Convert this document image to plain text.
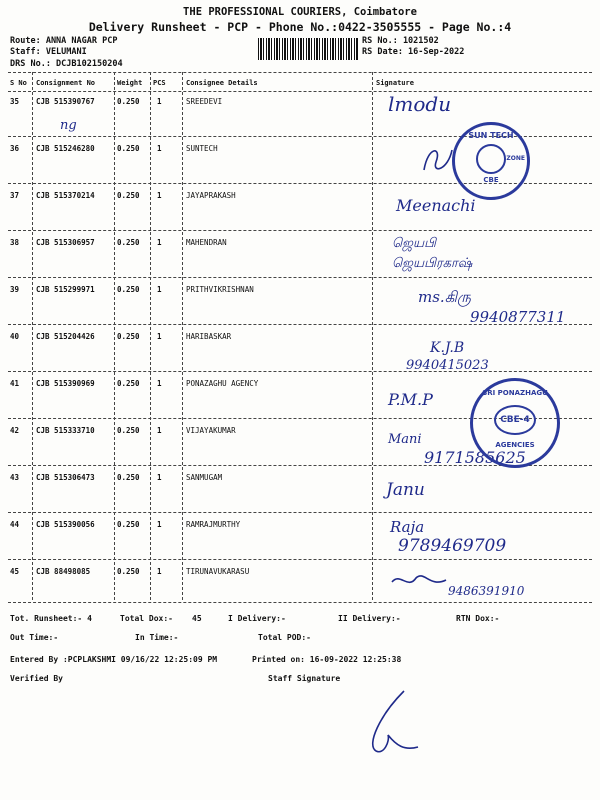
THE PROFESSIONAL COURIERS, Coimbatore
Delivery Runsheet - PCP - Phone No.:0422-3505555 - Page No.:4
Route: ANNA NAGAR PCP
Staff: VELUMANI
DRS No.: DCJB102150204
RS No.: 1021502
RS Date: 16-Sep-2022
S No Consignment No	Weight PCS	Consignee Details	Signature
35 CJB 515390767	0.250 1	SREEDEVI
36 CJB 515246280	0.250 1	SUNTECH
37 CJB 515370214	0.250 1	JAYAPRAKASH
38 CJB 515306957	0.250 1	MAHENDRAN
39 CJB 515299971	0.250 1	PRITHVIKRISHNAN
40 CJB 515204426	0.250 1	HARIBASKAR
41 CJB 515390969	0.250 1	PONAZAGHU AGENCY
42 CJB 515333710	0.250 1	VIJAYAKUMAR
43 CJB 515306473	0.250 1	SANMUGAM
44 CJB 515390056	0.250 1	RAMRAJMURTHY
45 CJB 88498085	0.250 1	TIRUNAVUKARASU
Tot. Runsheet:- 4	Total Dox:- 45	I Delivery:-	II Delivery:-	RTN Dox:-
Out Time:-	In Time:-	Total POD:-
Entered By :PCPLAKSHMI 09/16/22 12:25:09 PM	Printed on: 16-09-2022 12:25:38
Verified By	Staff Signature
lmodu
ng
Meenachi
ஜெயபி
ஜெயபிரகாஷ்
ms.கிரு
9940877311
K.J.B
9940415023
P.M.P
Mani
9171585625
Janu
Raja
9789469709
9486391910
SUN TECH
CBE
ZONE
SRI PONAZHAGU
CBE-4
AGENCIES
